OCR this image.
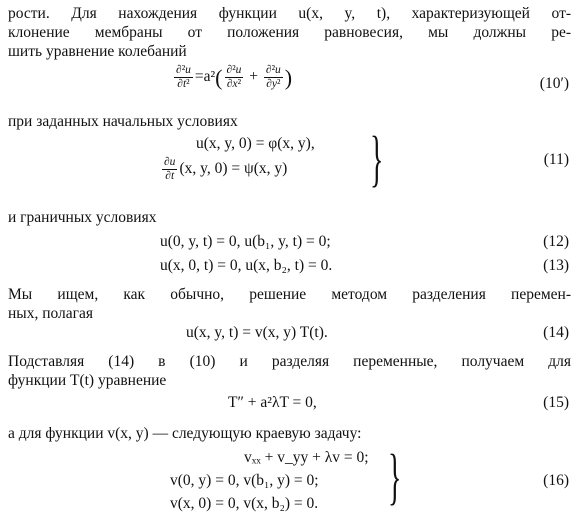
рости. Для нахождения функции u(x, y, t), характеризующей от-
клонение мембраны от положения равновесия, мы должны ре-
шить уравнение колебаний
$\frac{\text{∂²u}}{\text{∂t²}} =a^2( \frac{\text{∂²u}}{\text{∂x²}} + \frac{\text{∂²u}}{\text{∂y²}}$ )	(10′)
при заданных начальных условиях
u(x, y, 0) = φ(x, y),
$\frac{\partial u}{\partial t} (x$, y, 0) = ψ(x, y) }	(11)
и граничных условиях
u(0, y, t) = 0, u(b₁, y, t) = 0;	(12)
u(x, 0, t) = 0, u(x, b₂, t) = 0.	(13)
Мы ищем, как обычно, решение методом разделения перемен-
ных, полагая
u(x, y, t) = v(x, y) T(t).	(14)
Подставляя (14) в (10) и разделяя переменные, получаем для
функции T(t) уравнение
T″ + a²λT = 0,	(15)
а для функции v(x, y) — следующую краевую задачу:
vₓₓ + v_yy + λv = 0;
v(0, y) = 0, v(b₁, y) = 0;
v(x, 0) = 0, v(x, b₂) = 0. }	(16)
